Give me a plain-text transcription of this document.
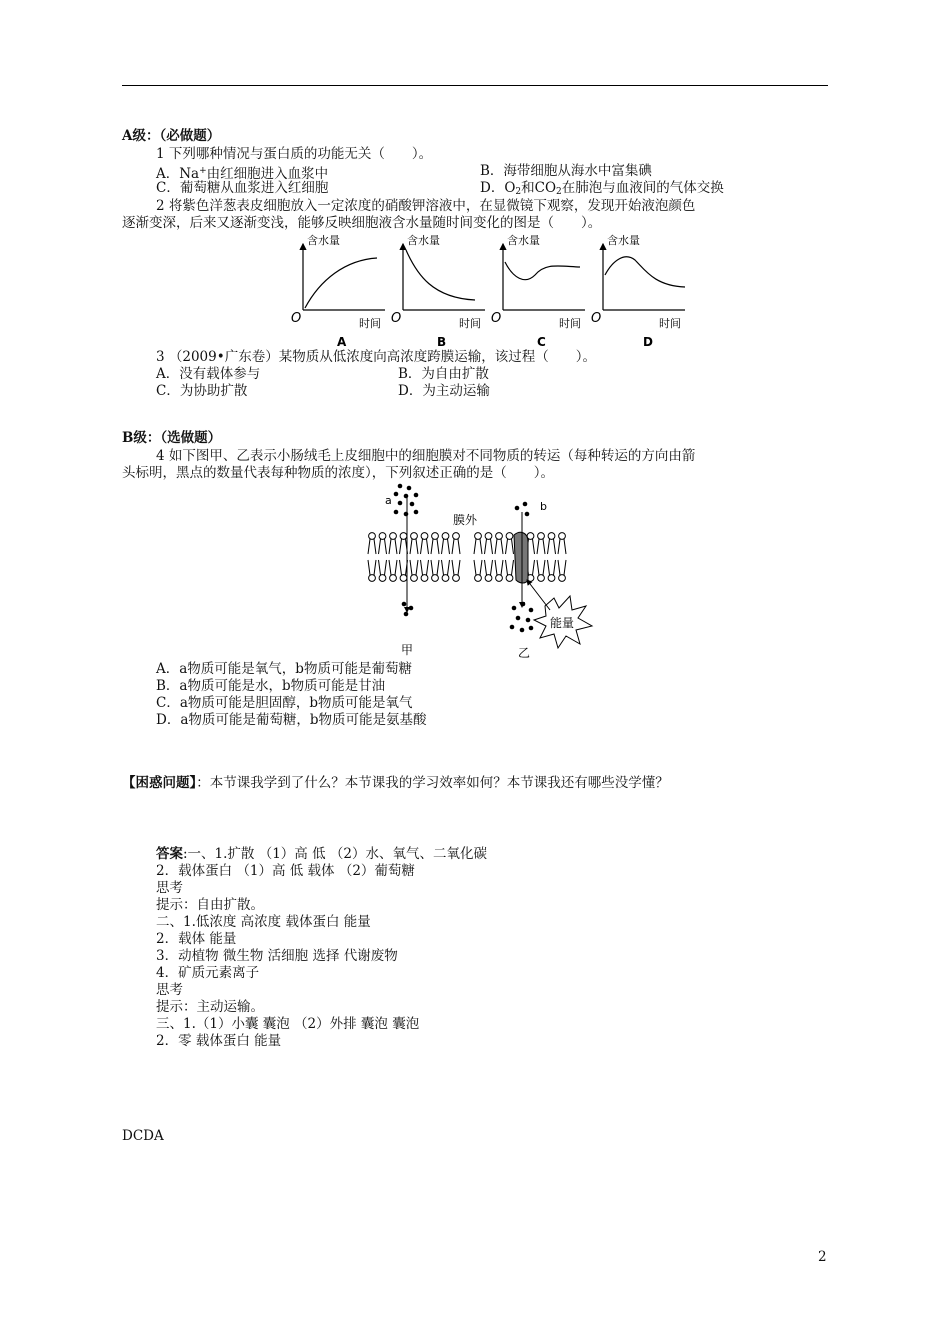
A级：（必做题）
1 下列哪种情况与蛋白质的功能无关（　　）。
A．Na+由红细胞进入血浆中	B．海带细胞从海水中富集碘
C．葡萄糖从血浆进入红细胞	D．$O_2$和$CO_2$在肺泡与血液间的气体交换
2 将紫色洋葱表皮细胞放入一定浓度的硝酸钾溶液中，在显微镜下观察，发现开始液泡颜色
逐渐变深，后来又逐渐变浅，能够反映细胞液含水量随时间变化的图是（　　）。
含水量
O	时间
A
含水量
O	时间
B
含水量
O	时间
C
含水量
O	时间
D
3 （2009•广东卷）某物质从低浓度向高浓度跨膜运输，该过程（　　）。
A．没有载体参与	B．为自由扩散
C．为协助扩散	D．为主动运输
B级：（选做题）
4 如下图甲、乙表示小肠绒毛上皮细胞中的细胞膜对不同物质的转运（每种转运的方向由箭
头标明，黑点的数量代表每种物质的浓度），下列叙述正确的是（　　）。
a
膜外
b
能量
甲	乙
A．a物质可能是氧气，b物质可能是葡萄糖
B．a物质可能是水，b物质可能是甘油
C．a物质可能是胆固醇，b物质可能是氧气
D．a物质可能是葡萄糖，b物质可能是氨基酸
【困惑问题】：本节课我学到了什么？本节课我的学习效率如何？本节课我还有哪些没学懂？
答案:一、1.扩散 （1）高 低 （2）水、氧气、二氧化碳
2．载体蛋白 （1）高 低 载体 （2）葡萄糖
思考
提示：自由扩散。
二、1.低浓度 高浓度 载体蛋白 能量
2．载体 能量
3．动植物 微生物 活细胞 选择 代谢废物
4．矿质元素离子
思考
提示：主动运输。
三、1.（1）小囊 囊泡 （2）外排 囊泡 囊泡
2．零 载体蛋白 能量
DCDA
2
